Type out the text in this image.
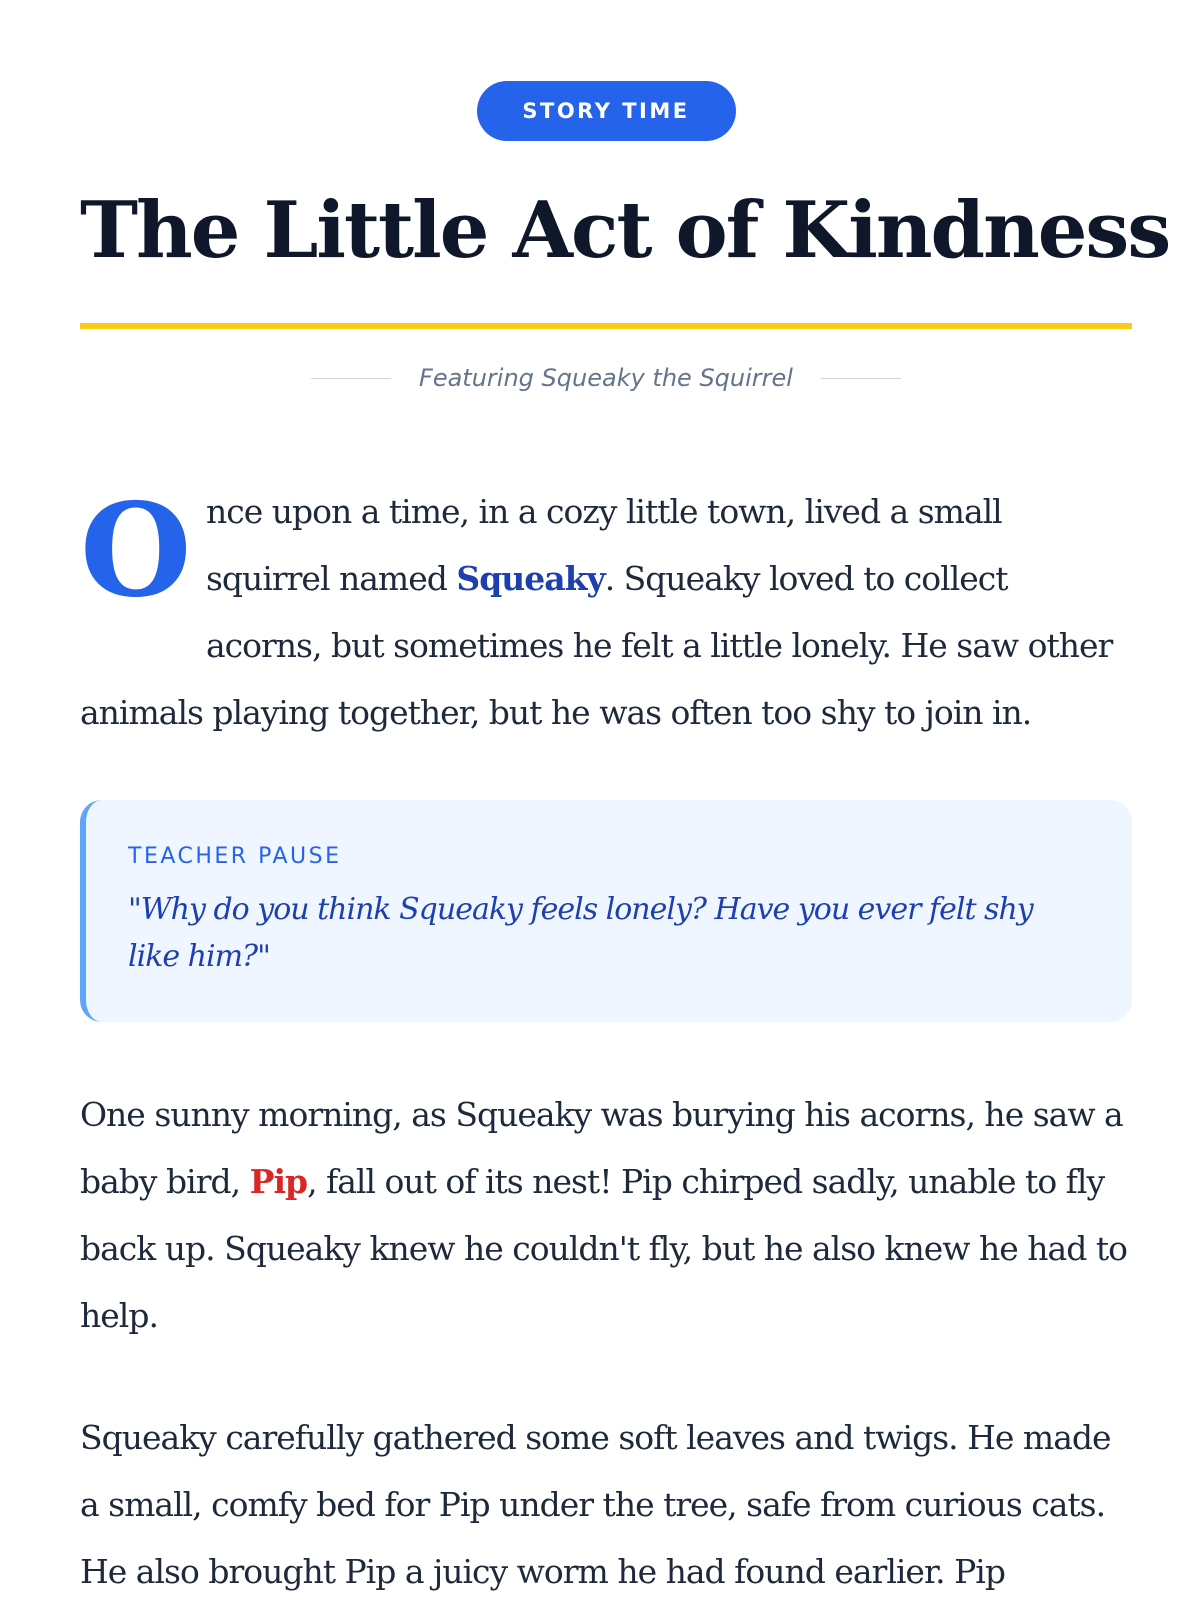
STORY TIME
The Little Act of Kindness
Featuring Squeaky the Squirrel

Once upon a time, in a cozy little town, lived a small squirrel named Squeaky. Squeaky loved to collect acorns, but sometimes he felt a little lonely. He saw other animals playing together, but he was often too shy to join in.

TEACHER PAUSE
"Why do you think Squeaky feels lonely? Have you ever felt shy like him?"

One sunny morning, as Squeaky was burying his acorns, he saw a baby bird, Pip, fall out of its nest! Pip chirped sadly, unable to fly back up. Squeaky knew he couldn't fly, but he also knew he had to help.

Squeaky carefully gathered some soft leaves and twigs. He made a small, comfy bed for Pip under the tree, safe from curious cats. He also brought Pip a juicy worm he had found earlier. Pip
